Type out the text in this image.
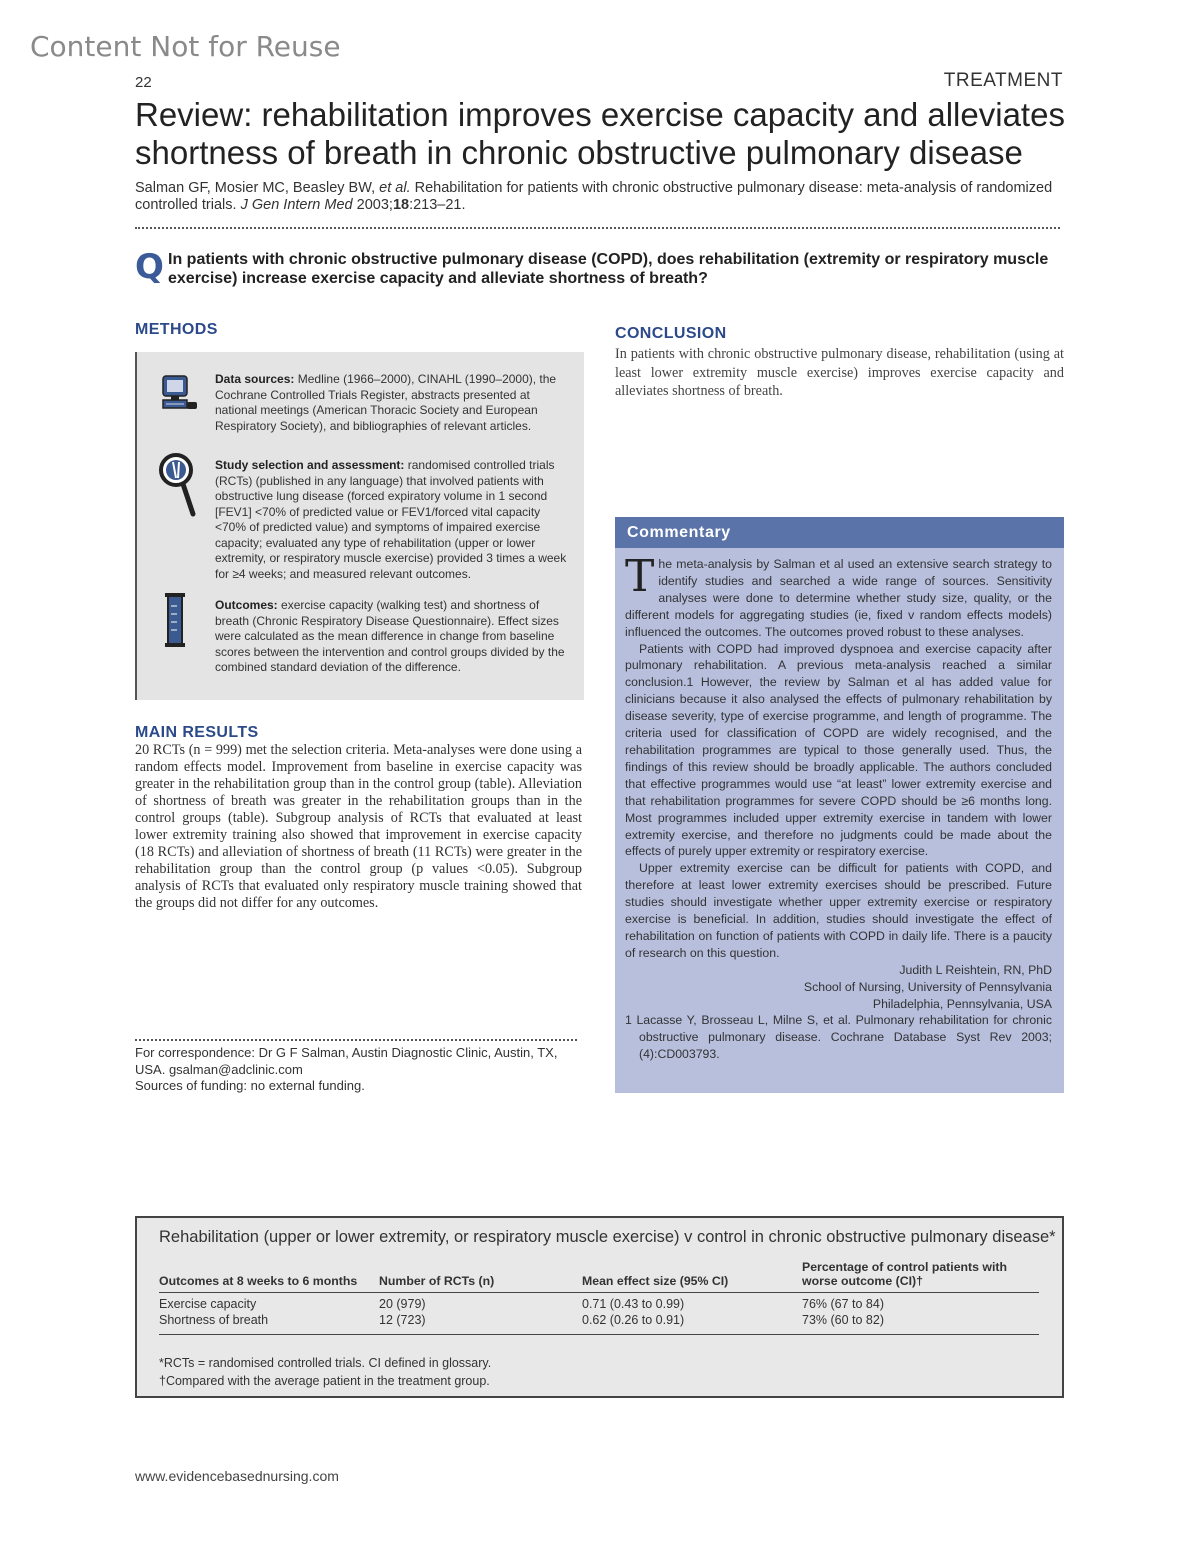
Content Not for Reuse
22	TREATMENT
Review: rehabilitation improves exercise capacity and alleviates shortness of breath in chronic obstructive pulmonary disease
Salman GF, Mosier MC, Beasley BW, et al. Rehabilitation for patients with chronic obstructive pulmonary disease: meta-analysis of randomized controlled trials. J Gen Intern Med 2003;18:213–21.
Q In patients with chronic obstructive pulmonary disease (COPD), does rehabilitation (extremity or respiratory muscle exercise) increase exercise capacity and alleviate shortness of breath?
METHODS
Data sources: Medline (1966–2000), CINAHL (1990–2000), the Cochrane Controlled Trials Register, abstracts presented at national meetings (American Thoracic Society and European Respiratory Society), and bibliographies of relevant articles.
Study selection and assessment: randomised controlled trials (RCTs) (published in any language) that involved patients with obstructive lung disease (forced expiratory volume in 1 second [FEV1] <70% of predicted value or FEV1/forced vital capacity <70% of predicted value) and symptoms of impaired exercise capacity; evaluated any type of rehabilitation (upper or lower extremity, or respiratory muscle exercise) provided 3 times a week for ≥4 weeks; and measured relevant outcomes.
Outcomes: exercise capacity (walking test) and shortness of breath (Chronic Respiratory Disease Questionnaire). Effect sizes were calculated as the mean difference in change from baseline scores between the intervention and control groups divided by the combined standard deviation of the difference.
MAIN RESULTS
20 RCTs (n = 999) met the selection criteria. Meta-analyses were done using a random effects model. Improvement from baseline in exercise capacity was greater in the rehabilitation group than in the control group (table). Alleviation of shortness of breath was greater in the rehabilitation groups than in the control groups (table). Subgroup analysis of RCTs that evaluated at least lower extremity training also showed that improvement in exercise capacity (18 RCTs) and alleviation of shortness of breath (11 RCTs) were greater in the rehabilitation group than the control group (p values <0.05). Subgroup analysis of RCTs that evaluated only respiratory muscle training showed that the groups did not differ for any outcomes.
For correspondence: Dr G F Salman, Austin Diagnostic Clinic, Austin, TX, USA. gsalman@adclinic.com
Sources of funding: no external funding.
CONCLUSION
In patients with chronic obstructive pulmonary disease, rehabilitation (using at least lower extremity muscle exercise) improves exercise capacity and alleviates shortness of breath.
Commentary

The meta-analysis by Salman et al used an extensive search strategy to identify studies and searched a wide range of sources. Sensitivity analyses were done to determine whether study size, quality, or the different models for aggregating studies (ie, fixed v random effects models) influenced the outcomes. The outcomes proved robust to these analyses.

Patients with COPD had improved dyspnoea and exercise capacity after pulmonary rehabilitation. A previous meta-analysis reached a similar conclusion.1 However, the review by Salman et al has added value for clinicians because it also analysed the effects of pulmonary rehabilitation by disease severity, type of exercise programme, and length of programme. The criteria used for classification of COPD are widely recognised, and the rehabilitation programmes are typical to those generally used. Thus, the findings of this review should be broadly applicable. The authors concluded that effective programmes would use “at least” lower extremity exercise and that rehabilitation programmes for severe COPD should be ≥6 months long. Most programmes included upper extremity exercise in tandem with lower extremity exercise, and therefore no judgments could be made about the effects of purely upper extremity or respiratory exercise.

Upper extremity exercise can be difficult for patients with COPD, and therefore at least lower extremity exercises should be prescribed. Future studies should investigate whether upper extremity exercise or respiratory exercise is beneficial. In addition, studies should investigate the effect of rehabilitation on function of patients with COPD in daily life. There is a paucity of research on this question.

Judith L Reishtein, RN, PhD
School of Nursing, University of Pennsylvania
Philadelphia, Pennsylvania, USA
1 Lacasse Y, Brosseau L, Milne S, et al. Pulmonary rehabilitation for chronic obstructive pulmonary disease. Cochrane Database Syst Rev 2003;(4):CD003793.
Rehabilitation (upper or lower extremity, or respiratory muscle exercise) v control in chronic obstructive pulmonary disease*
Outcomes at 8 weeks to 6 months	Number of RCTs (n)	Mean effect size (95% CI)	Percentage of control patients with worse outcome (CI)†
Exercise capacity	20 (979)	0.71 (0.43 to 0.99)	76% (67 to 84)
Shortness of breath	12 (723)	0.62 (0.26 to 0.91)	73% (60 to 82)
*RCTs = randomised controlled trials. CI defined in glossary.
†Compared with the average patient in the treatment group.
www.evidencebasednursing.com
